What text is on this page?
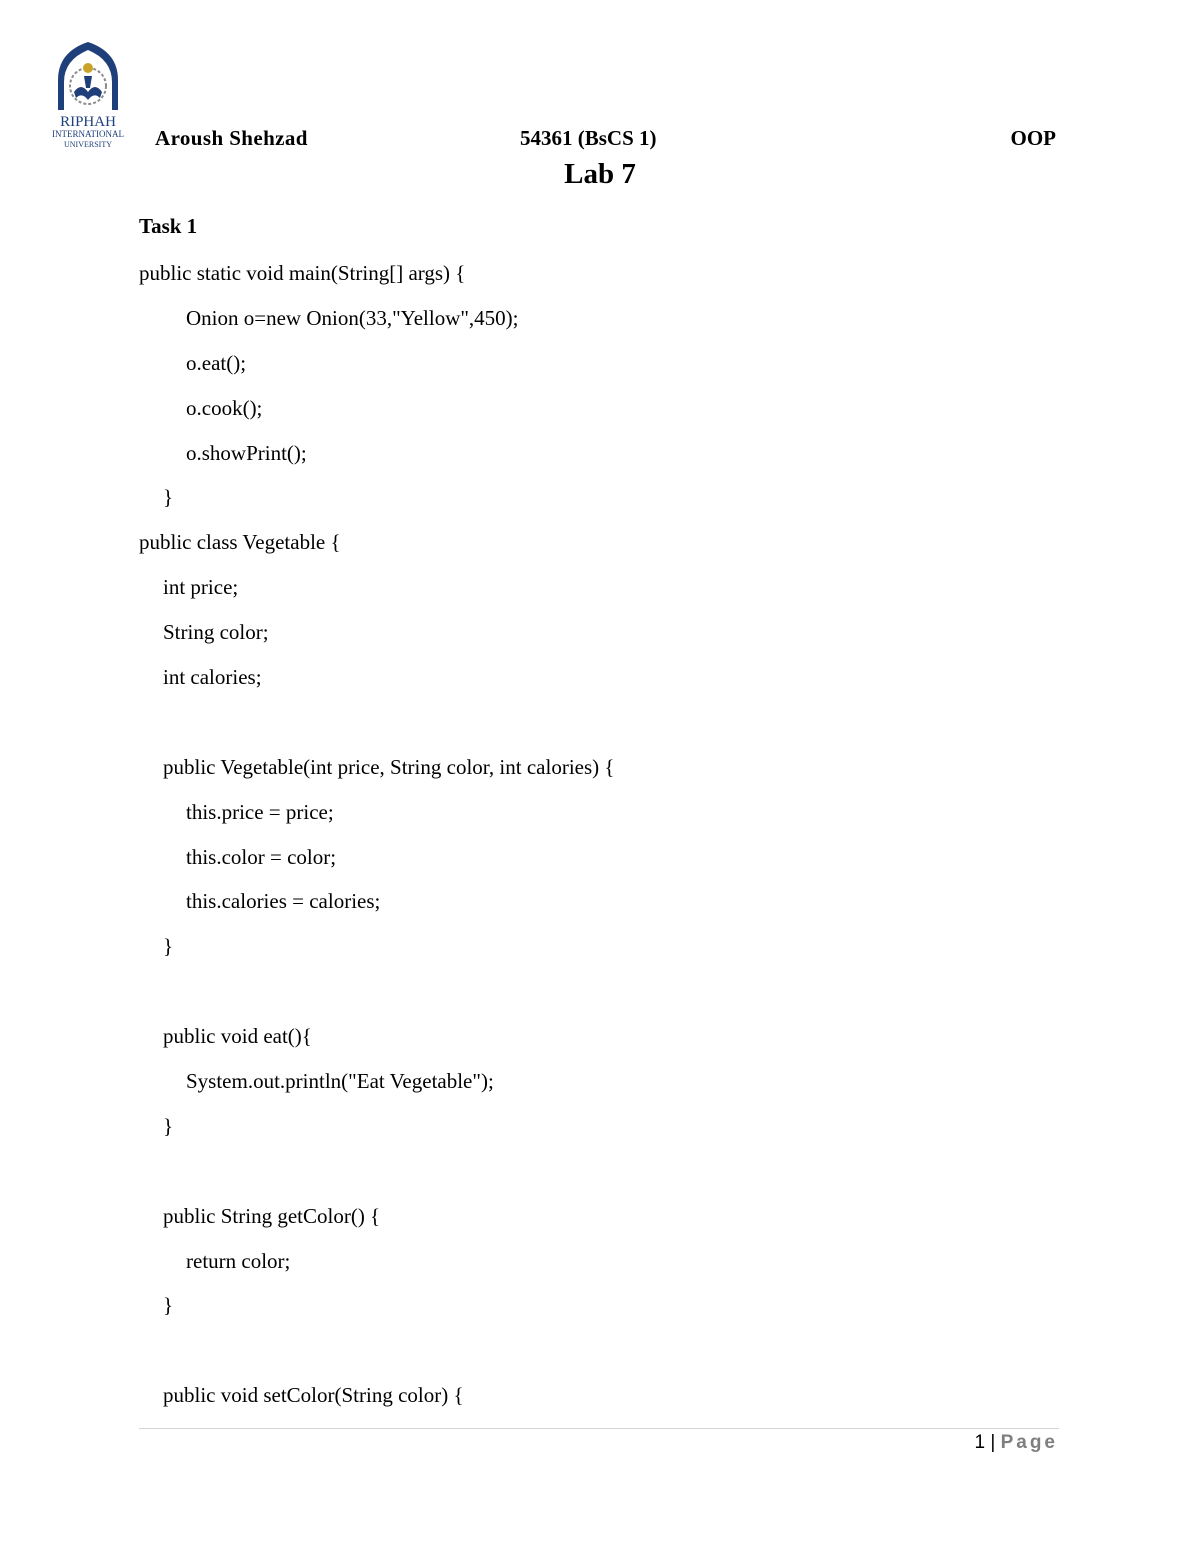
RIPHAH
INTERNATIONAL
UNIVERSITY Aroush Shehzad	54361 (BsCS 1)	OOP
Lab 7
Task 1
public static void main(String[] args) {
Onion o=new Onion(33,"Yellow",450);
o.eat();
o.cook();
o.showPrint();
}
public class Vegetable {
int price;
String color;
int calories;
public Vegetable(int price, String color, int calories) {
this.price = price;
this.color = color;
this.calories = calories;
}
public void eat(){
System.out.println("Eat Vegetable");
}
public String getColor() {
return color;
}
public void setColor(String color) {
1 | Page
